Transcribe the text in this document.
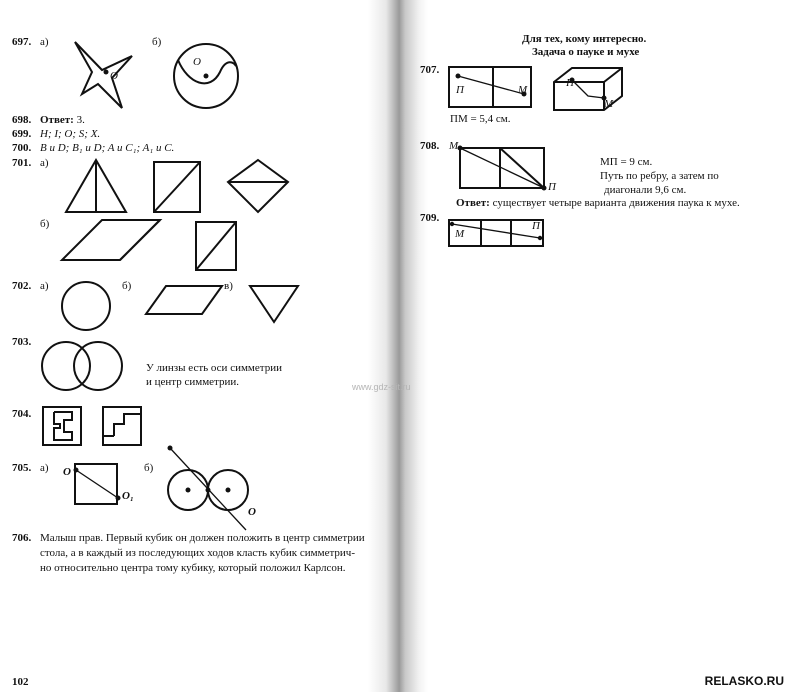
697. а)
O
б)
O
698. Ответ: 3.
699. H; I; O; S; X.
700. B и D; B₁ и D; A и C₁; A₁ и C.
701. а)
б)
702. а)	б)	в)
703.
У линзы есть оси симметрии
и центр симметрии.
704.
705. а) O
O₁
б)
O
706. Малыш прав. Первый кубик он должен положить в центр симметрии
стола, а в каждый из последующих ходов класть кубик симметрич-
но относительно центра тому кубику, который положил Карлсон.
www.gdz-sit.ru
102
Для тех, кому интересно.
Задача о пауке и мухе
707.
П	М
П
М
ПМ = 5,4 см.
708. М
П
МП = 9 см.
Путь по ребру, а затем по
диагонали 9,6 см.
Ответ: существует четыре варианта движения паука к мухе.
709.
М
П
RELASKO.RU
